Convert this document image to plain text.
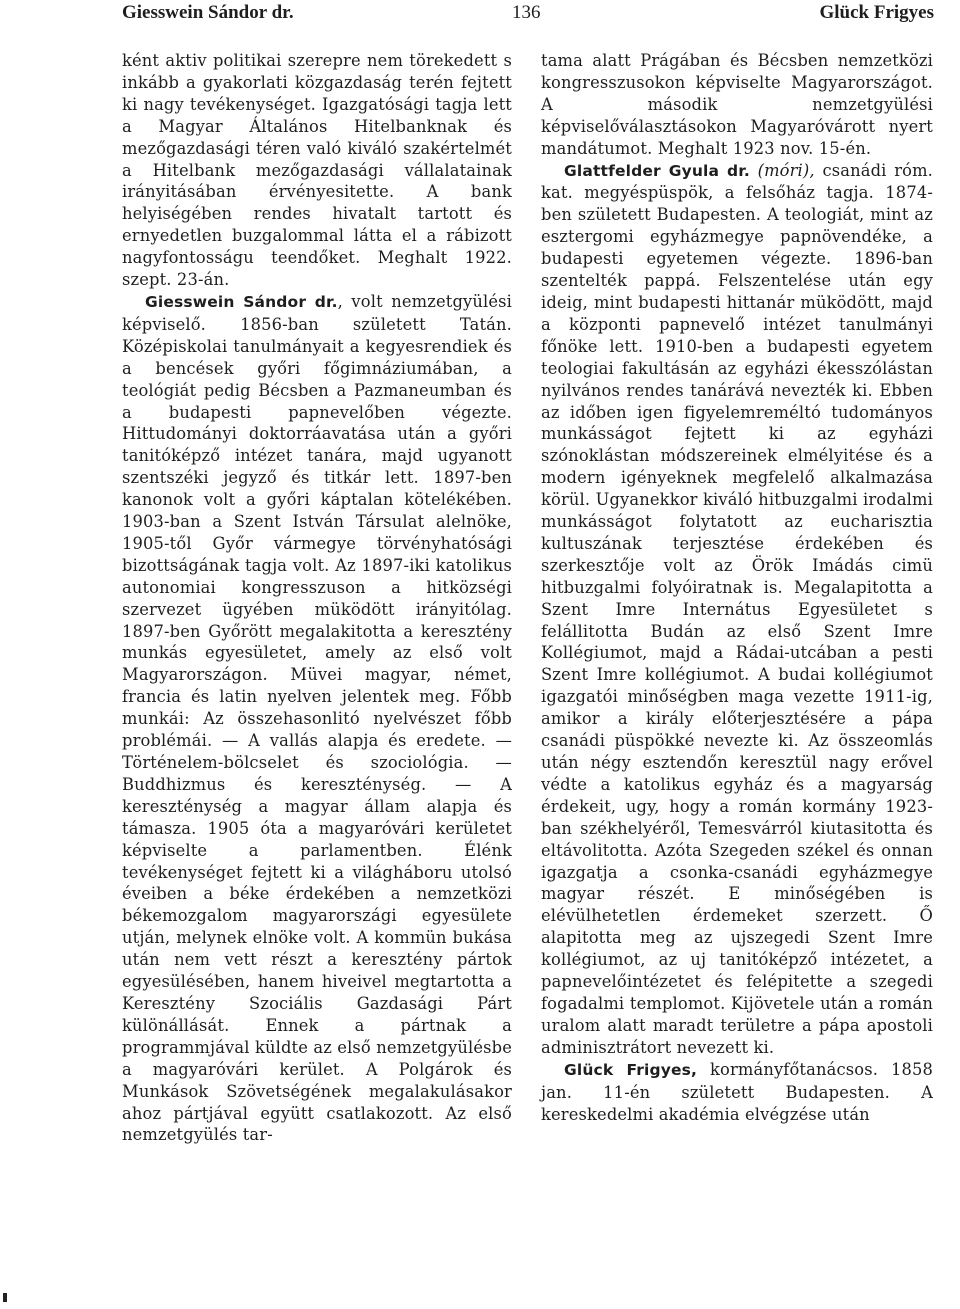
Giesswein Sándor dr.	136	Glück Frigyes

ként aktiv politikai szerepre nem törekedett s inkább a gyakorlati közgazdaság terén fejtett ki nagy tevékenységet. Igazgatósági tagja lett a Magyar Általános Hitelbanknak és mezőgazdasági téren való kiváló szakértelmét a Hitelbank mezőgazdasági vállalatainak irányitásában érvényesitette. A bank helyiségében rendes hivatalt tartott és ernyedetlen buzgalommal látta el a rábizott nagyfontosságu teendőket. Meghalt 1922. szept. 23-án.

Giesswein Sándor dr., volt nemzetgyülési képviselő. 1856-ban született Tatán. Középiskolai tanulmányait a kegyesrendiek és a bencések győri főgimnáziumában, a teológiát pedig Bécsben a Pazmaneumban és a budapesti papnevelőben végezte. Hittudományi doktorráavatása után a győri tanitóképző intézet tanára, majd ugyanott szentszéki jegyző és titkár lett. 1897-ben kanonok volt a győri káptalan kötelékében. 1903-ban a Szent István Társulat alelnöke, 1905-től Győr vármegye törvényhatósági bizottságának tagja volt. Az 1897-iki katolikus autonomiai kongresszuson a hitközségi szervezet ügyében müködött irányitólag. 1897-ben Győrött megalakitotta a keresztény munkás egyesületet, amely az első volt Magyarországon. Müvei magyar, német, francia és latin nyelven jelentek meg. Főbb munkái: Az összehasonlitó nyelvészet főbb problémái. — A vallás alapja és eredete. — Történelem-bölcselet és szociológia. — Buddhizmus és kereszténység. — A kereszténység a magyar állam alapja és támasza. 1905 óta a magyaróvári kerületet képviselte a parlamentben. Élénk tevékenységet fejtett ki a világháboru utolsó éveiben a béke érdekében a nemzetközi békemozgalom magyarországi egyesülete utján, melynek elnöke volt. A kommün bukása után nem vett részt a keresztény pártok egyesülésében, hanem hiveivel megtartotta a Keresztény Szociális Gazdasági Párt különállását. Ennek a pártnak a programmjával küldte az első nemzetgyülésbe a magyaróvári kerület. A Polgárok és Munkások Szövetségének megalakulásakor ahoz pártjával együtt csatlakozott. Az első nemzetgyülés tar-

tama alatt Prágában és Bécsben nemzetközi kongresszusokon képviselte Magyarországot. A második nemzetgyülési képviselőválasztásokon Magyaróvárott nyert mandátumot. Meghalt 1923 nov. 15-én.

Glattfelder Gyula dr. (móri), csanádi róm. kat. megyéspüspök, a felsőház tagja. 1874-ben született Budapesten. A teologiát, mint az esztergomi egyházmegye papnövendéke, a budapesti egyetemen végezte. 1896-ban szentelték pappá. Felszentelése után egy ideig, mint budapesti hittanár müködött, majd a központi papnevelő intézet tanulmányi főnöke lett. 1910-ben a budapesti egyetem teologiai fakultásán az egyházi ékesszólástan nyilvános rendes tanárává nevezték ki. Ebben az időben igen figyelemreméltó tudományos munkásságot fejtett ki az egyházi szónoklástan módszereinek elmélyitése és a modern igényeknek megfelelő alkalmazása körül. Ugyanekkor kiváló hitbuzgalmi irodalmi munkásságot folytatott az eucharisztia kultuszának terjesztése érdekében és szerkesztője volt az Örök Imádás cimü hitbuzgalmi folyóiratnak is. Megalapitotta a Szent Imre Internátus Egyesületet s felállitotta Budán az első Szent Imre Kollégiumot, majd a Rádai-utcában a pesti Szent Imre kollégiumot. A budai kollégiumot igazgatói minőségben maga vezette 1911-ig, amikor a király előterjesztésére a pápa csanádi püspökké nevezte ki. Az összeomlás után négy esztendőn keresztül nagy erővel védte a katolikus egyház és a magyarság érdekeit, ugy, hogy a román kormány 1923-ban székhelyéről, Temesvárról kiutasitotta és eltávolitotta. Azóta Szegeden székel és onnan igazgatja a csonka-csanádi egyházmegye magyar részét. E minőségében is elévülhetetlen érdemeket szerzett. Ő alapitotta meg az ujszegedi Szent Imre kollégiumot, az uj tanitóképző intézetet, a papnevelőintézetet és felépitette a szegedi fogadalmi templomot. Kijövetele után a román uralom alatt maradt területre a pápa apostoli adminisztrátort nevezett ki.

Glück Frigyes, kormányfőtanácsos. 1858 jan. 11-én született Budapesten. A kereskedelmi akadémia elvégzése után
